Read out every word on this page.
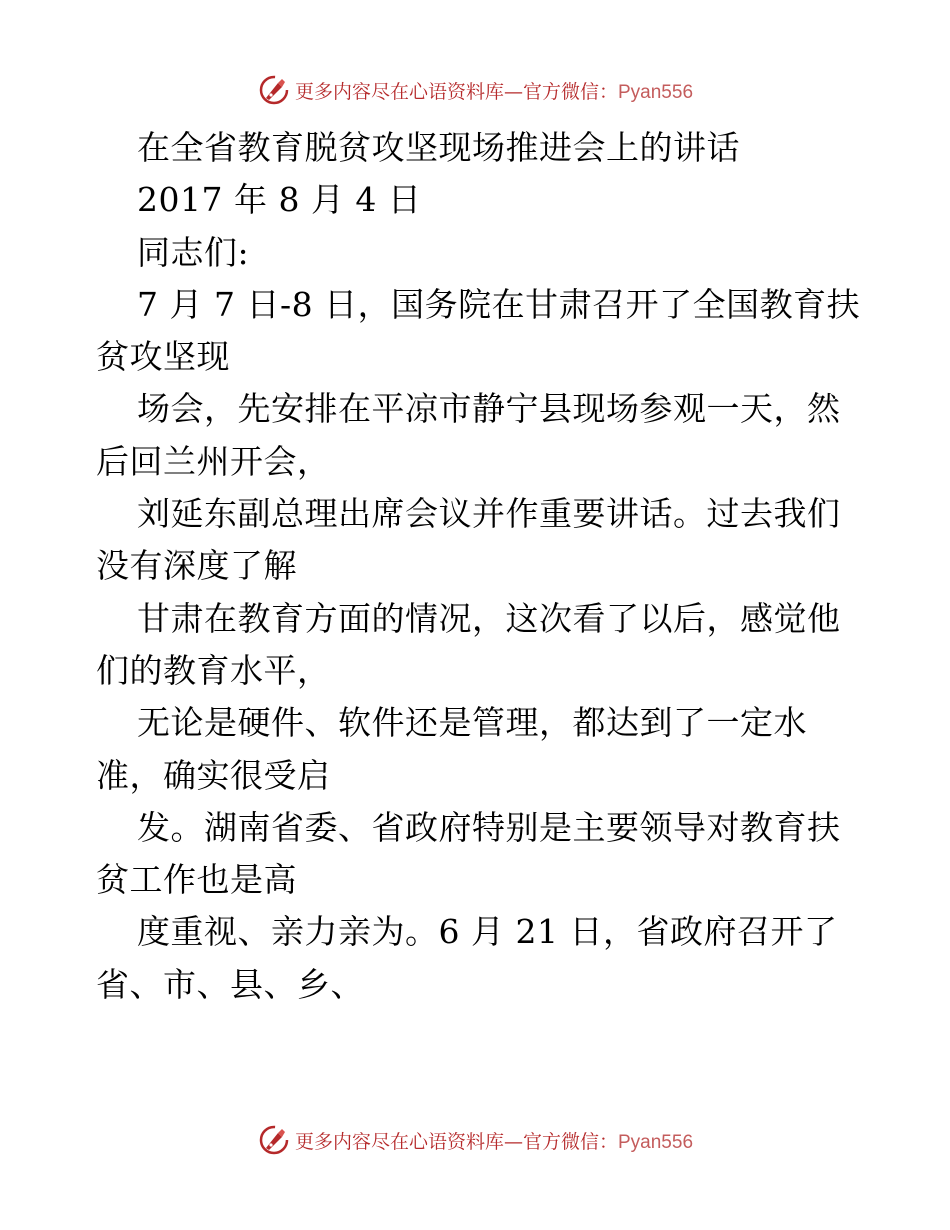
更多内容尽在心语资料库—官方微信：Pyan556
在全省教育脱贫攻坚现场推进会上的讲话
2017 年 8 月 4 日
同志们:
7 月 7 日-8 日，国务院在甘肃召开了全国教育扶
贫攻坚现
场会，先安排在平凉市静宁县现场参观一天，然
后回兰州开会，
刘延东副总理出席会议并作重要讲话。过去我们
没有深度了解
甘肃在教育方面的情况，这次看了以后，感觉他
们的教育水平，
无论是硬件、软件还是管理，都达到了一定水
准，确实很受启
发。湖南省委、省政府特别是主要领导对教育扶
贫工作也是高
度重视、亲力亲为。6 月 21 日，省政府召开了
省、市、县、乡、
更多内容尽在心语资料库—官方微信：Pyan556
